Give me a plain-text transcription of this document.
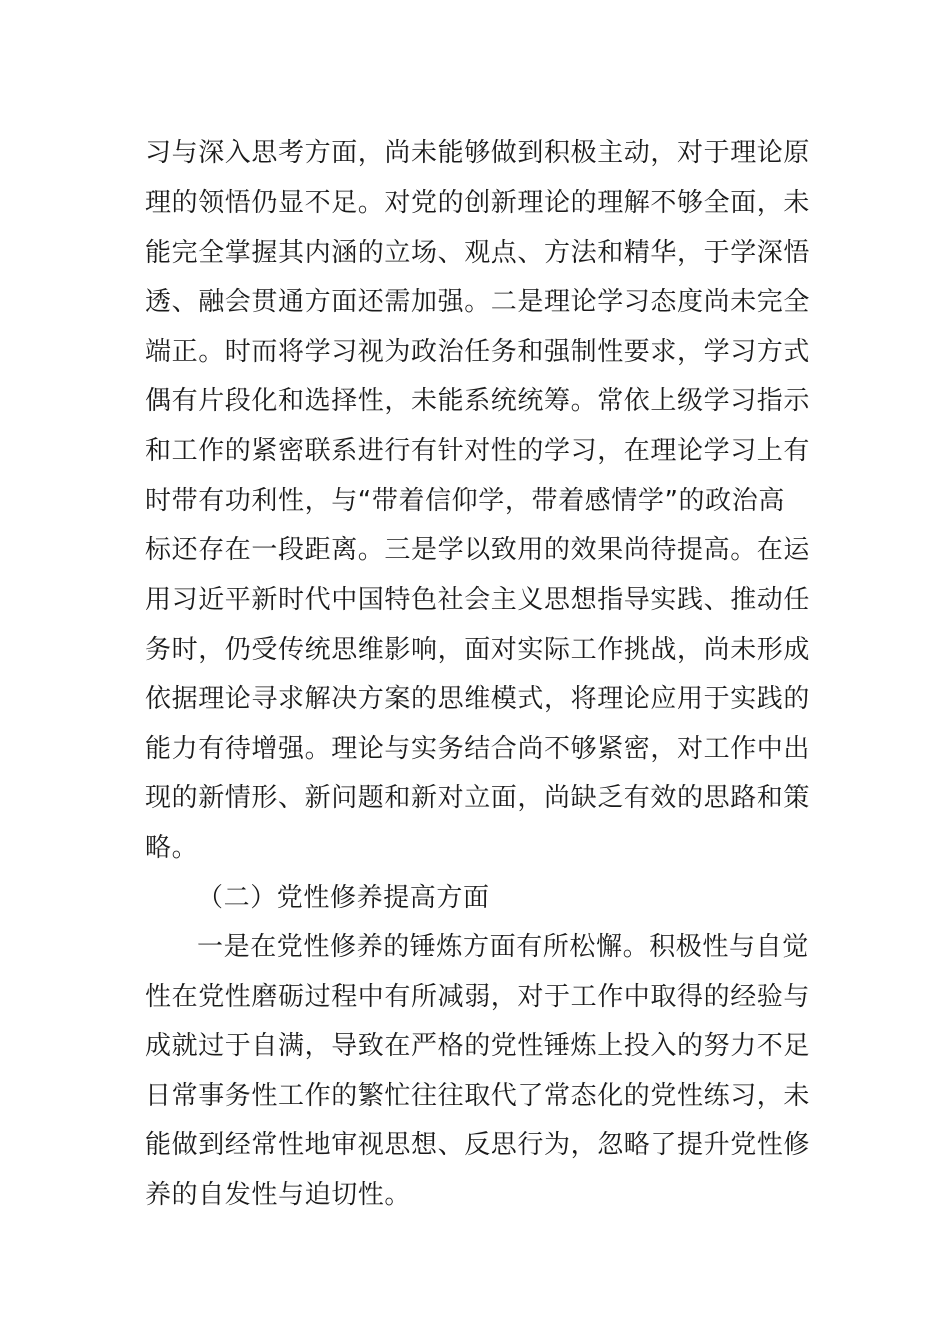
习与深入思考方面，尚未能够做到积极主动，对于理论原
理的领悟仍显不足。对党的创新理论的理解不够全面，未
能完全掌握其内涵的立场、观点、方法和精华，于学深悟
透、融会贯通方面还需加强。二是理论学习态度尚未完全
端正。时而将学习视为政治任务和强制性要求，学习方式
偶有片段化和选择性，未能系统统筹。常依上级学习指示
和工作的紧密联系进行有针对性的学习，在理论学习上有
时带有功利性，与“带着信仰学，带着感情学”的政治高
标还存在一段距离。三是学以致用的效果尚待提高。在运
用习近平新时代中国特色社会主义思想指导实践、推动任
务时，仍受传统思维影响，面对实际工作挑战，尚未形成
依据理论寻求解决方案的思维模式，将理论应用于实践的
能力有待增强。理论与实务结合尚不够紧密，对工作中出
现的新情形、新问题和新对立面，尚缺乏有效的思路和策
略。
（二）党性修养提高方面
一是在党性修养的锤炼方面有所松懈。积极性与自觉
性在党性磨砺过程中有所减弱，对于工作中取得的经验与
成就过于自满，导致在严格的党性锤炼上投入的努力不足
日常事务性工作的繁忙往往取代了常态化的党性练习，未
能做到经常性地审视思想、反思行为，忽略了提升党性修
养的自发性与迫切性。
